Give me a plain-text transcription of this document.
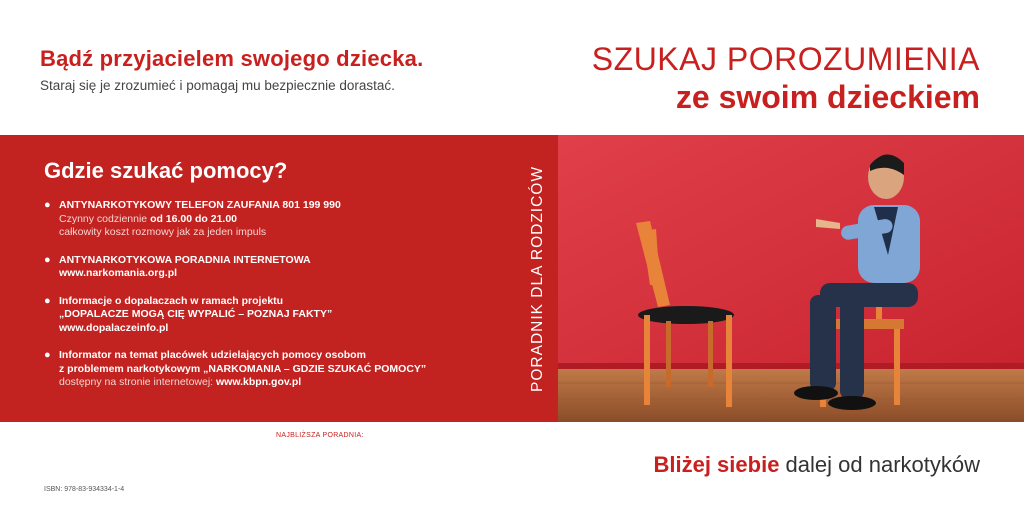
Bądź przyjacielem swojego dziecka.
Staraj się je zrozumieć i pomagaj mu bezpiecznie dorastać.
SZUKAJ POROZUMIENIA
ze swoim dzieckiem
Gdzie szukać pomocy?
● ANTYNARKOTYKOWY TELEFON ZAUFANIA 801 199 990
Czynny codziennie od 16.00 do 21.00
całkowity koszt rozmowy jak za jeden impuls
● ANTYNARKOTYKOWA PORADNIA INTERNETOWA
www.narkomania.org.pl
● Informacje o dopalaczach w ramach projektu
„DOPALACZE MOGĄ CIĘ WYPALIĆ – POZNAJ FAKTY”
www.dopalaczeinfo.pl
● Informator na temat placówek udzielających pomocy osobom
z problemem narkotykowym „NARKOMANIA – GDZIE SZUKAĆ POMOCY”
dostępny na stronie internetowej: www.kbpn.gov.pl	PORADNIK DLA RODZICÓW
NAJBLIŻSZA PORADNIA:
ISBN: 978-83-934334-1-4
Bliżej siebie dalej od narkotyków
